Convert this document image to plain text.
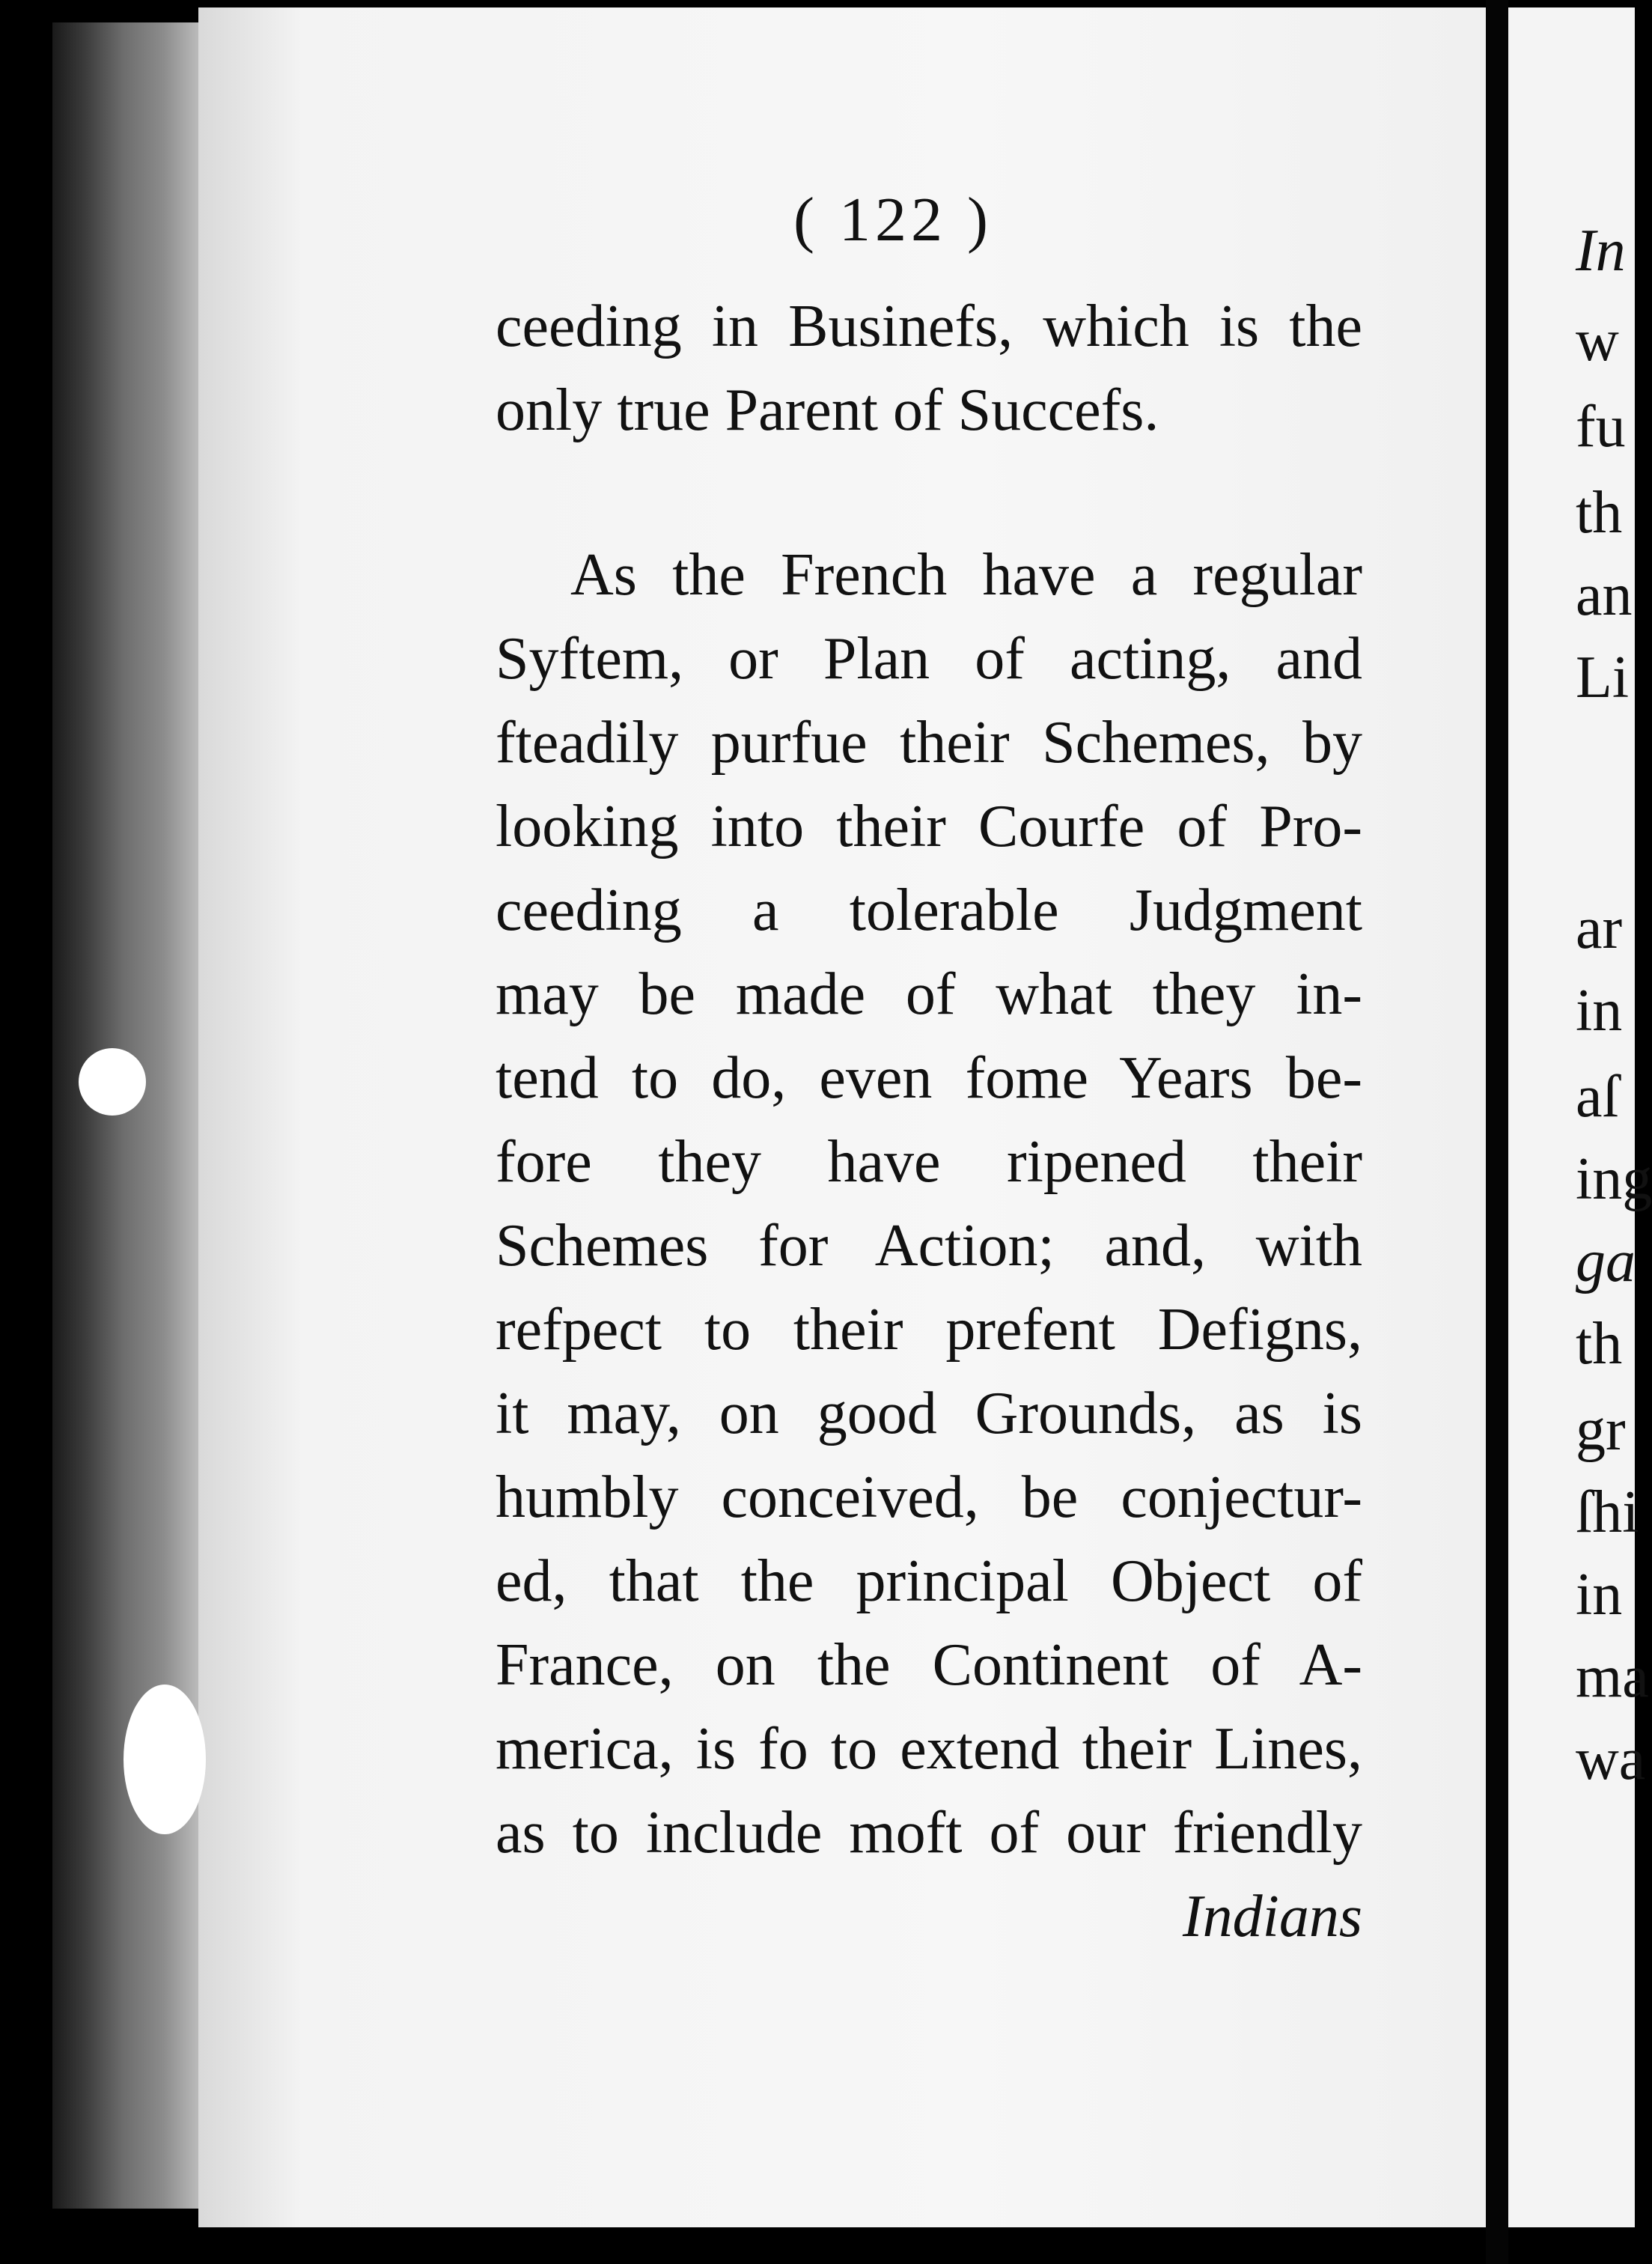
( 122 )
ceeding in Businefs, which is the
only true Parent of Succefs.
As the French have a regular
Syftem, or Plan of acting, and
fteadily purfue their Schemes, by
looking into their Courfe of Pro-
ceeding a tolerable Judgment
may be made of what they in-
tend to do, even fome Years be-
fore they have ripened their
Schemes for Action; and, with
refpect to their prefent Defigns,
it may, on good Grounds, as is
humbly conceived, be conjectur-
ed, that the principal Object of
France, on the Continent of A-
merica, is fo to extend their Lines,
as to include moft of our friendly
Indians
In
w
fu
th
an
Li
ar
in
aſ
ing
ga
th
gr
ſhi
in
ma
wa
